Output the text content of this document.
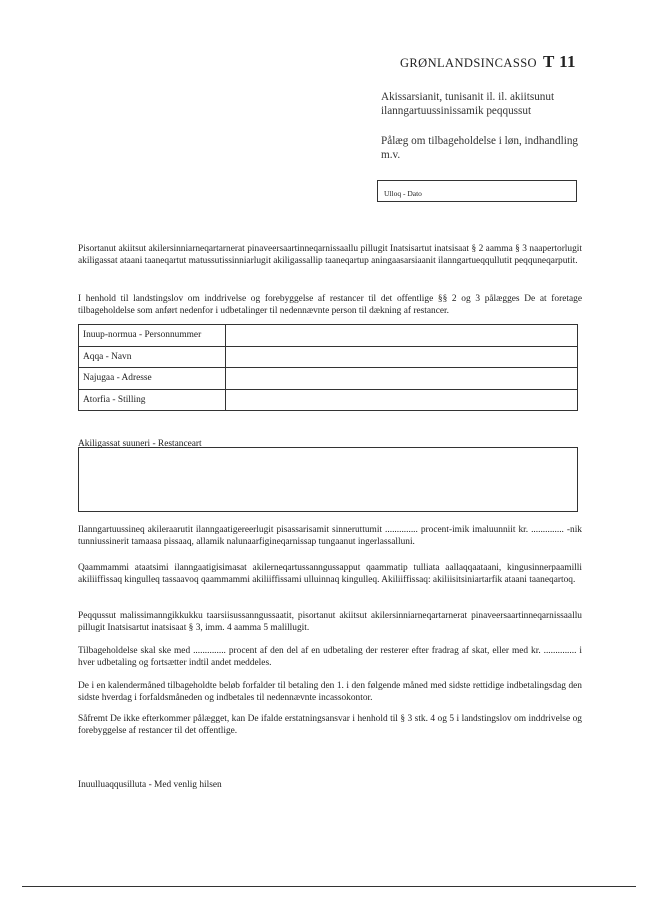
GRØNLANDSINCASSO T 11
Akissarsianit, tunisanit il. il. akiitsunut ilanngartuussinissamik peqqussut
Pålæg om tilbageholdelse i løn, indhandling m.v.
Ulloq - Dato
Pisortanut akiitsut akilersinniarneqartarnerat pinaveersaartinneqarnissaallu pillugit Inatsisartut inatsisaat § 2 aamma § 3 naapertorlugit akiligassat ataani taaneqartut matussutissinniarlugit akiligassallip taaneqartup aningaasarsiaanit ilanngartueqqullutit peqquneqarputit.
I henhold til landstingslov om inddrivelse og forebyggelse af restancer til det offentlige §§ 2 og 3 pålægges De at foretage tilbageholdelse som anført nedenfor i udbetalinger til nedennævnte person til dækning af restancer.
Inuup-normua - Personnummer	
Aqqa - Navn	
Najugaa - Adresse	
Atorfia - Stilling	
Akiligassat suuneri - Restanceart
Ilanngartuussineq akileraarutit ilanngaatigereerlugit pisassarisamit sinneruttumit .............. procent-imik imaluunniit kr. .............. -nik tunniussinerit tamaasa pissaaq, allamik nalunaarfigineqarnissap tungaanut ingerlassalluni.
Qaammammi ataatsimi ilanngaatigisimasat akilerneqartussanngussapput qaammatip tulliata aallaqqaataani, kingusinnerpaamilli akiliiffissaq kingulleq tassaavoq qaammammi akiliiffissami ulluinnaq kingulleq. Akiliiffissaq: akiliisitsiniartarfik ataani taaneqartoq.
Peqqussut malissimanngikkukku taarsiisussanngussaatit, pisortanut akiitsut akilersinniarneqartarnerat pinaveersaartinneqarnissaallu pillugit Inatsisartut inatsisaat § 3, imm. 4 aamma 5 malillugit.
Tilbageholdelse skal ske med .............. procent af den del af en udbetaling der resterer efter fradrag af skat, eller med kr. .............. i hver udbetaling og fortsætter indtil andet meddeles.
De i en kalendermåned tilbageholdte beløb forfalder til betaling den 1. i den følgende måned med sidste rettidige indbetalingsdag den sidste hverdag i forfaldsmåneden og indbetales til nedennævnte incassokontor.
Såfremt De ikke efterkommer pålægget, kan De ifalde erstatningsansvar i henhold til § 3 stk. 4 og 5 i landstingslov om inddrivelse og forebyggelse af restancer til det offentlige.
Inuulluaqqusilluta - Med venlig hilsen
